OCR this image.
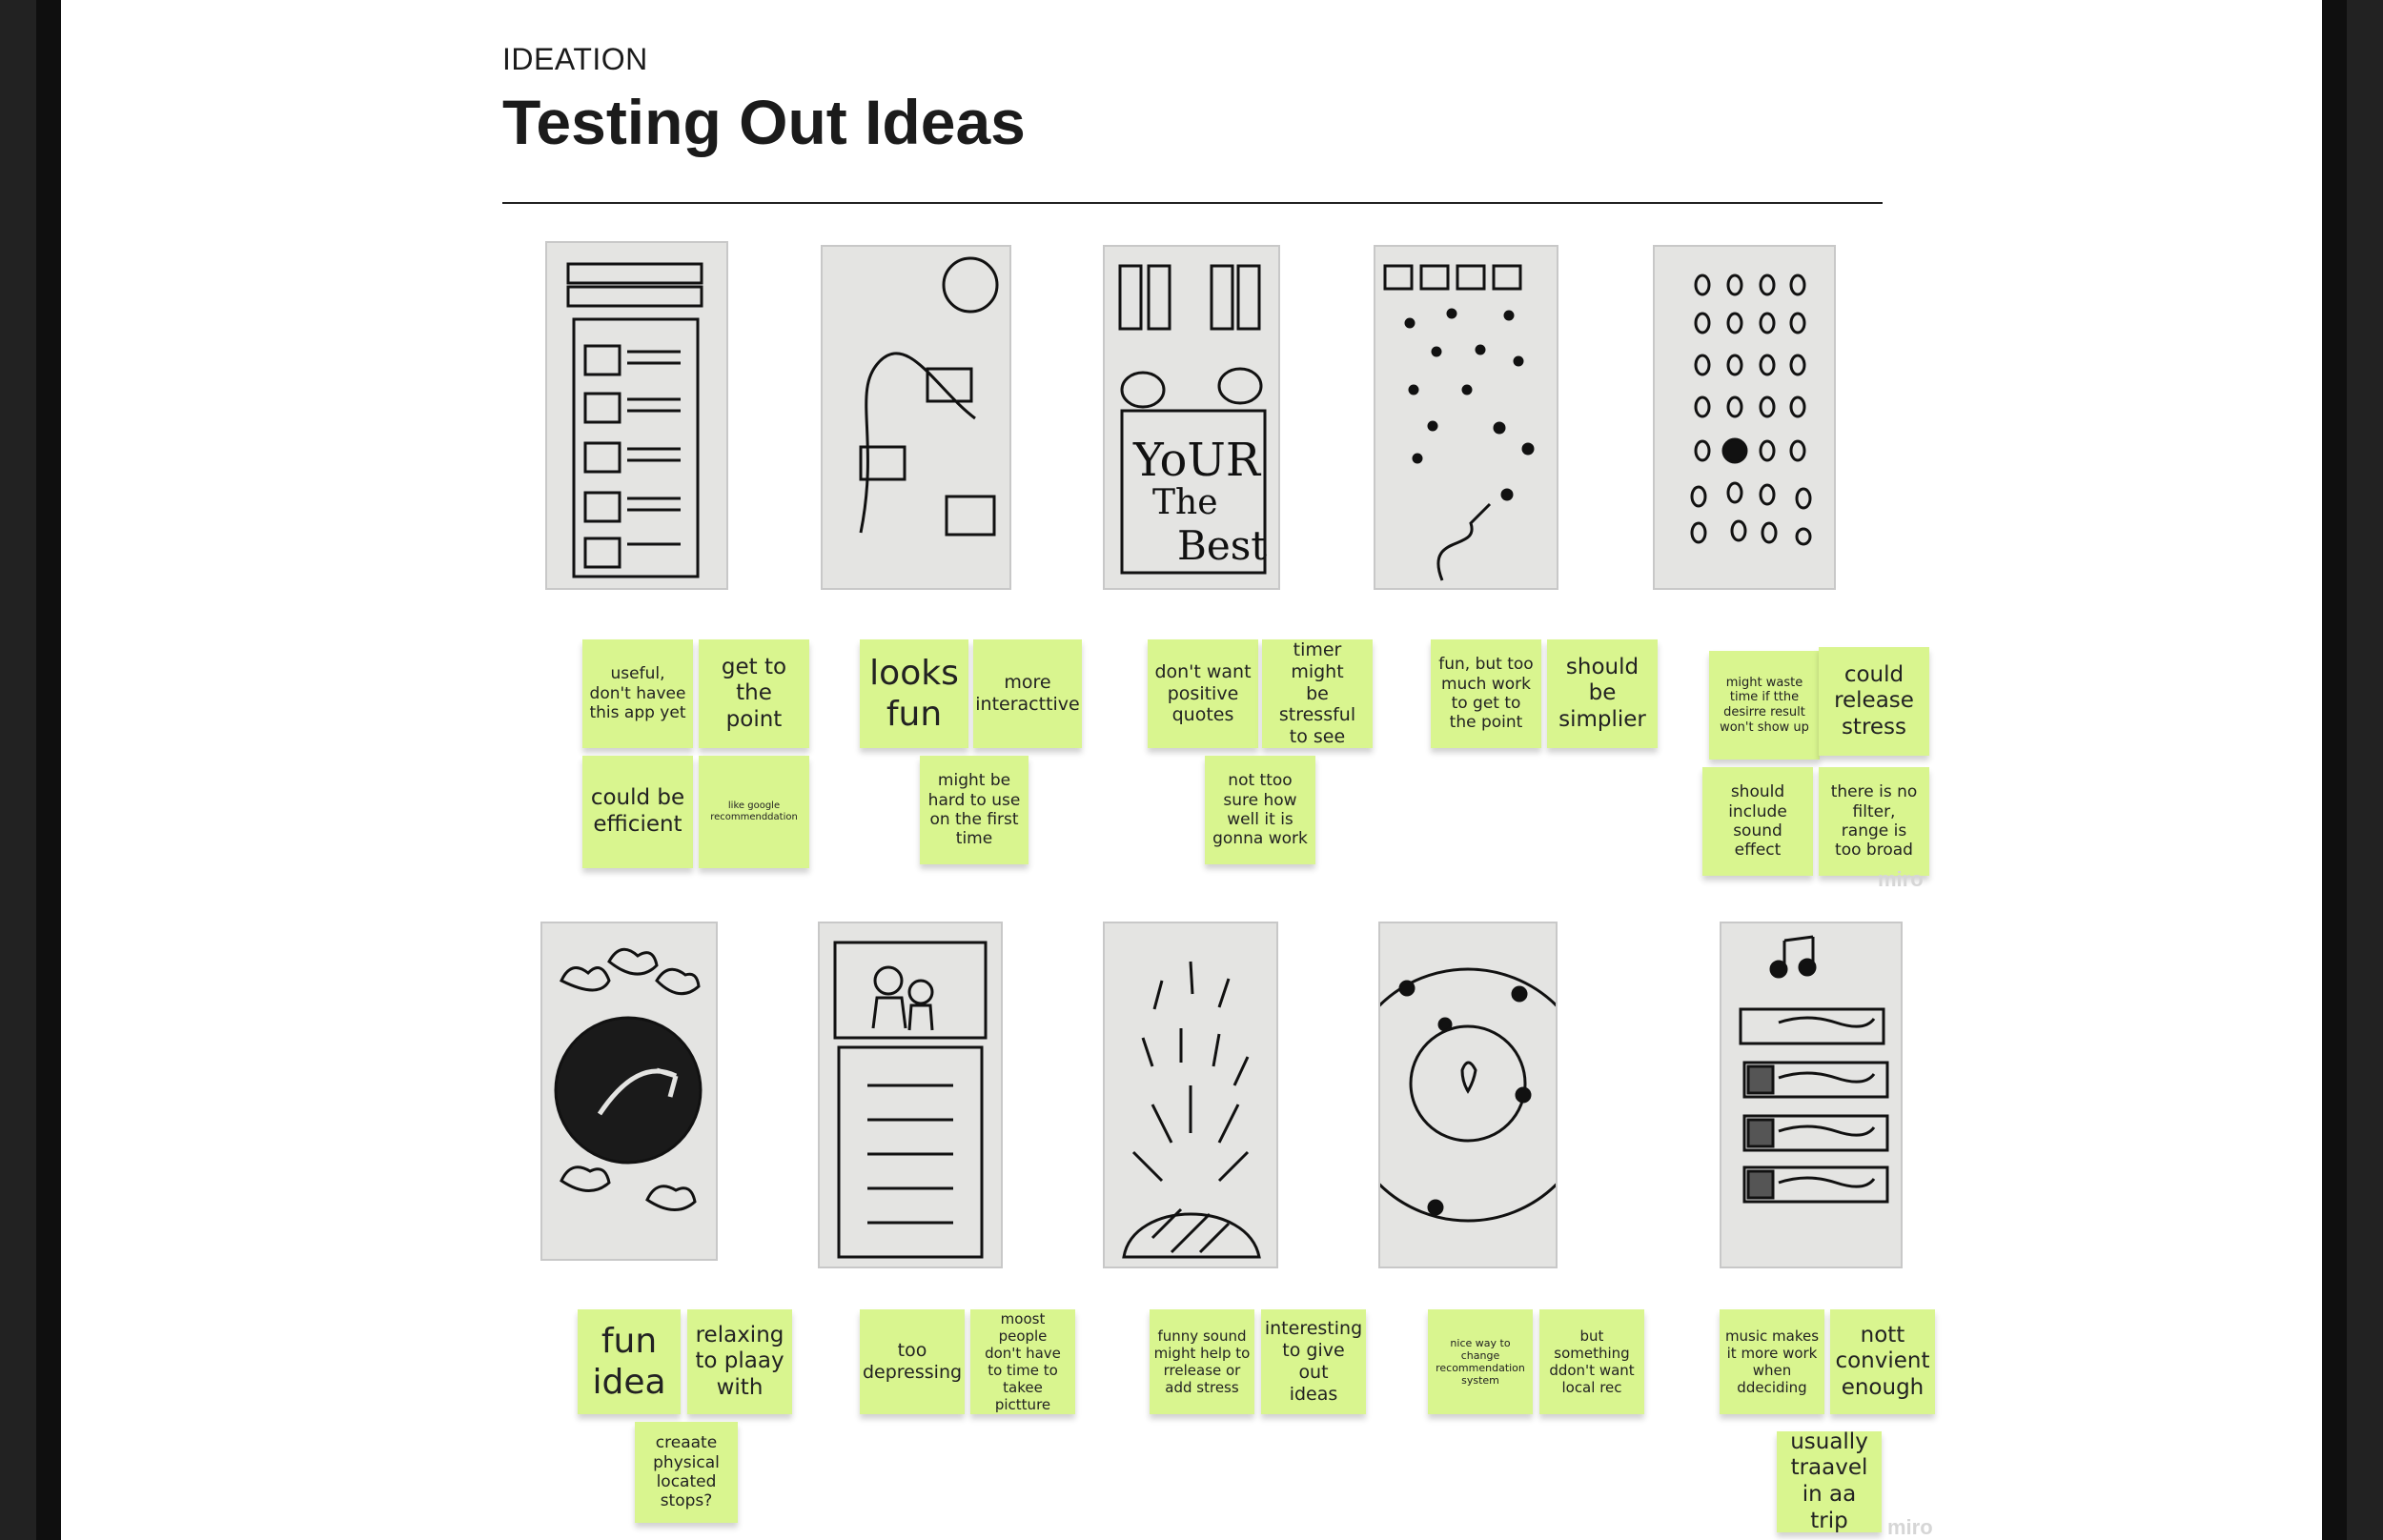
IDEATION
Testing Out Ideas
YoUR
The
Best
useful,
don't havee
this app yet
get to
the
point
could be
efficient
like google
recommenddation
looks
fun
more
interacttive
might be
hard to use
on the first
time
don't want
positive
quotes
timer might
be stressful
to see
not ttoo
sure how
well it is
gonna work
fun, but too
much work
to get to
the point
should
be
simplier
might waste
time if tthe
desirre result
won't show up
could
release
stress
should
include
sound
effect
there is no
filter,
range is
too broad
miro
fun
idea
relaxing
to plaay
with
creaate
physical
located
stops?
too
depressing
moost people
don't have
to time to
takee pictture
funny sound
might help to
rrelease or
add stress
interesting
to give out
ideas
nice way to
change
recommendation
system
but
something
ddon't want
local rec
music makes
it more work
when
ddeciding
nott
convient
enough
usually
traavel
in aa trip	miro
